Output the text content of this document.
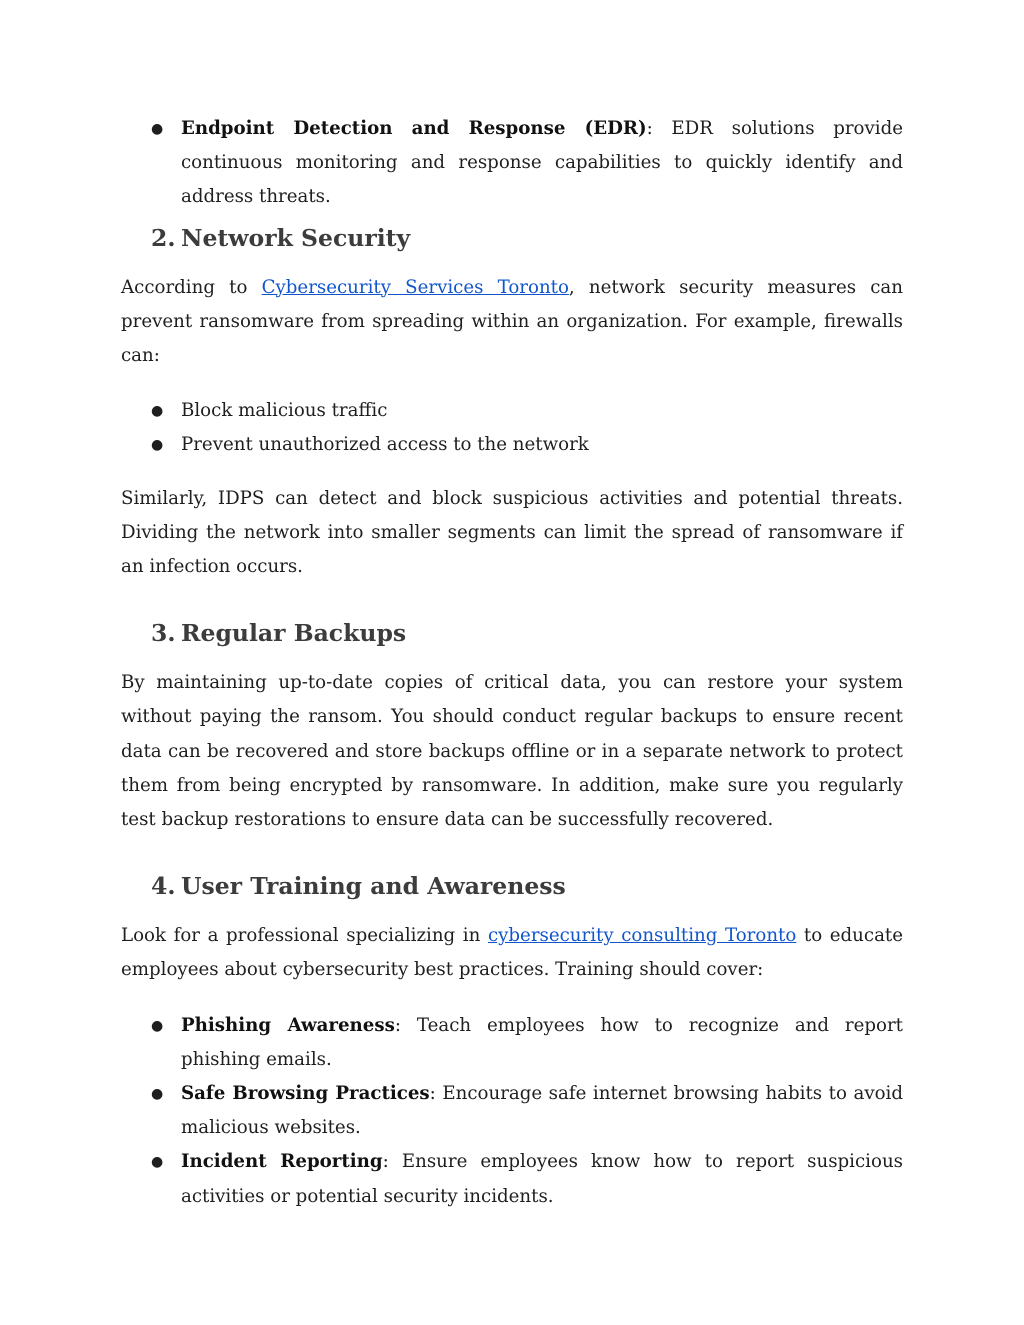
● Endpoint Detection and Response (EDR): EDR solutions provide continuous monitoring and response capabilities to quickly identify and address threats.
2. Network Security

According to Cybersecurity Services Toronto, network security measures can prevent ransomware from spreading within an organization. For example, firewalls can:

● Block malicious traffic
● Prevent unauthorized access to the network

Similarly, IDPS can detect and block suspicious activities and potential threats. Dividing the network into smaller segments can limit the spread of ransomware if an infection occurs.

3. Regular Backups

By maintaining up-to-date copies of critical data, you can restore your system without paying the ransom. You should conduct regular backups to ensure recent data can be recovered and store backups offline or in a separate network to protect them from being encrypted by ransomware. In addition, make sure you regularly test backup restorations to ensure data can be successfully recovered.

4. User Training and Awareness

Look for a professional specializing in cybersecurity consulting Toronto to educate employees about cybersecurity best practices. Training should cover:

● Phishing Awareness: Teach employees how to recognize and report phishing emails.
● Safe Browsing Practices: Encourage safe internet browsing habits to avoid malicious websites.
● Incident Reporting: Ensure employees know how to report suspicious activities or potential security incidents.
